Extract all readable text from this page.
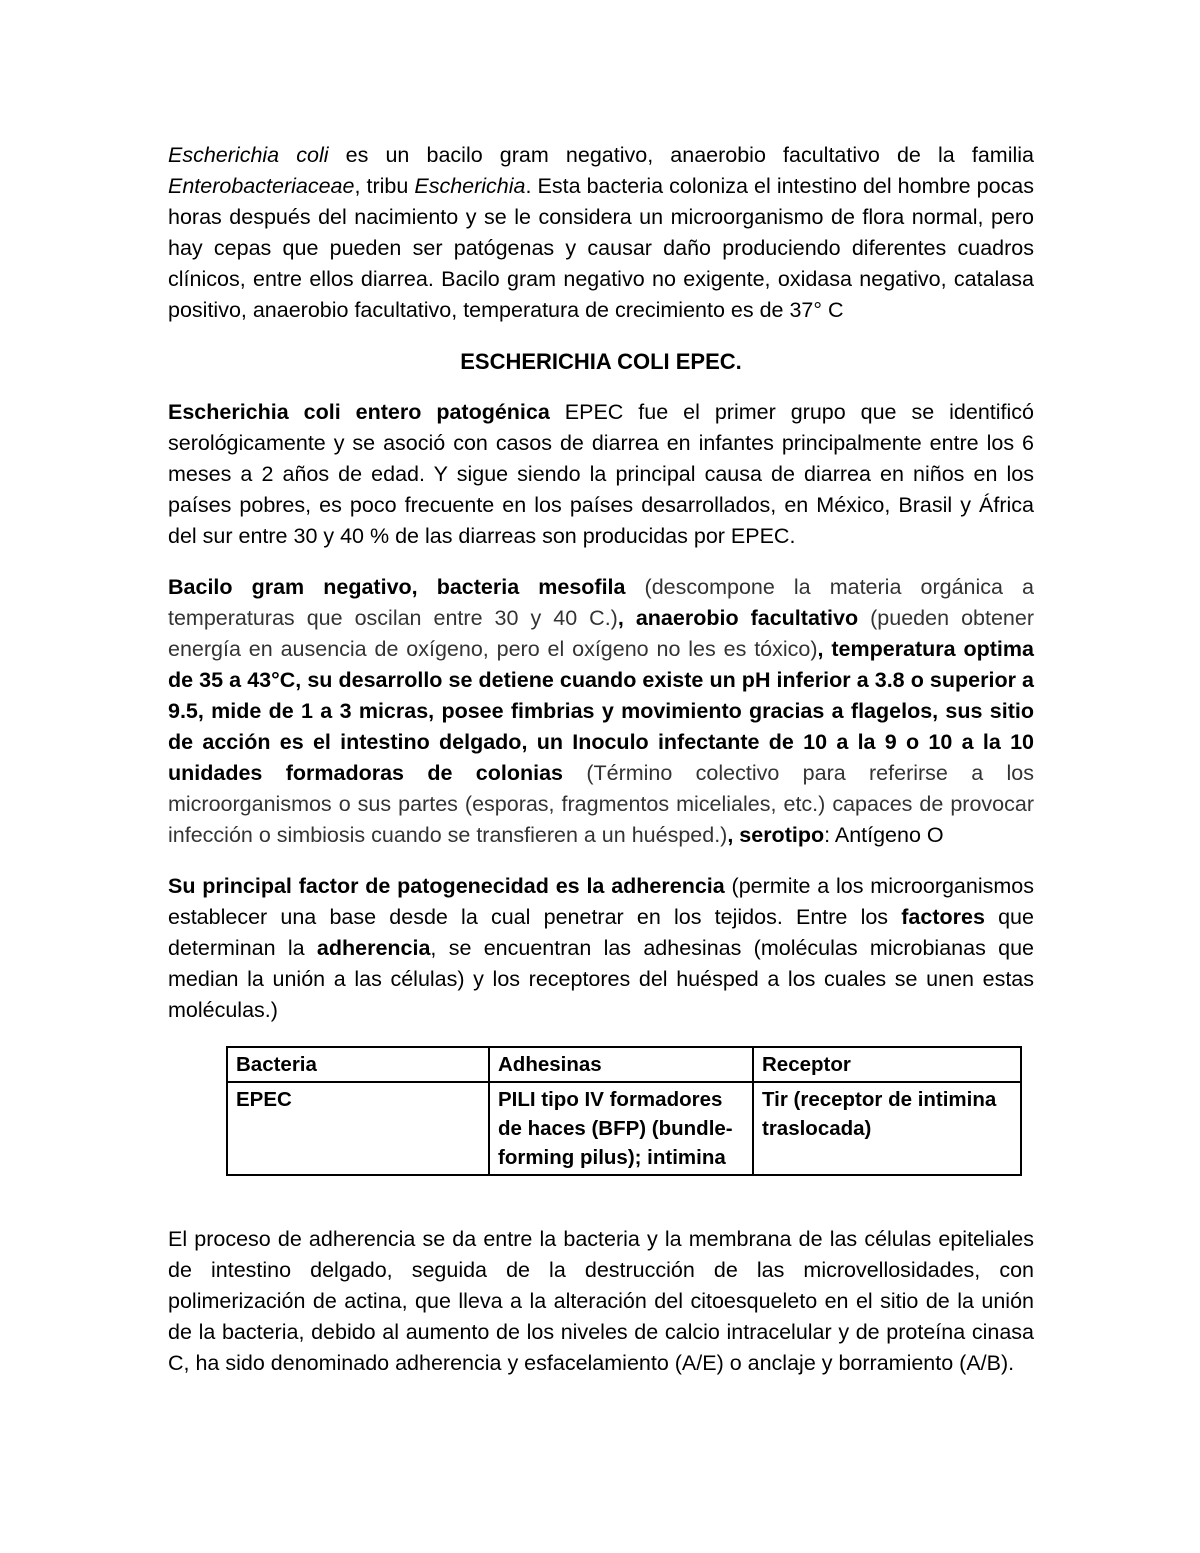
Escherichia coli es un bacilo gram negativo, anaerobio facultativo de la familia Enterobacteriaceae, tribu Escherichia. Esta bacteria coloniza el intestino del hombre pocas horas después del nacimiento y se le considera un microorganismo de flora normal, pero hay cepas que pueden ser patógenas y causar daño produciendo diferentes cuadros clínicos, entre ellos diarrea. Bacilo gram negativo no exigente, oxidasa negativo, catalasa positivo, anaerobio facultativo, temperatura de crecimiento es de 37° C

ESCHERICHIA COLI EPEC.

Escherichia coli entero patogénica EPEC fue el primer grupo que se identificó serológicamente y se asoció con casos de diarrea en infantes principalmente entre los 6 meses a 2 años de edad. Y sigue siendo la principal causa de diarrea en niños en los países pobres, es poco frecuente en los países desarrollados, en México, Brasil y África del sur entre 30 y 40 % de las diarreas son producidas por EPEC.

Bacilo gram negativo, bacteria mesofila (descompone la materia orgánica a temperaturas que oscilan entre 30 y 40 C.), anaerobio facultativo (pueden obtener energía en ausencia de oxígeno, pero el oxígeno no les es tóxico), temperatura optima de 35 a 43°C, su desarrollo se detiene cuando existe un pH inferior a 3.8 o superior a 9.5, mide de 1 a 3 micras, posee fimbrias y movimiento gracias a flagelos, sus sitio de acción es el intestino delgado, un Inoculo infectante de 10 a la 9 o 10 a la 10 unidades formadoras de colonias (Término colectivo para referirse a los microorganismos o sus partes (esporas, fragmentos miceliales, etc.) capaces de provocar infección o simbiosis cuando se transfieren a un huésped.), serotipo: Antígeno O

Su principal factor de patogenecidad es la adherencia (permite a los microorganismos establecer una base desde la cual penetrar en los tejidos. Entre los factores que determinan la adherencia, se encuentran las adhesinas (moléculas microbianas que median la unión a las células) y los receptores del huésped a los cuales se unen estas moléculas.)

Bacteria	Adhesinas	Receptor
EPEC	PILI tipo IV formadores de haces (BFP) (bundle-forming pilus); intimina	Tir (receptor de intimina traslocada)

El proceso de adherencia se da entre la bacteria y la membrana de las células epiteliales de intestino delgado, seguida de la destrucción de las microvellosidades, con polimerización de actina, que lleva a la alteración del citoesqueleto en el sitio de la unión de la bacteria, debido al aumento de los niveles de calcio intracelular y de proteína cinasa C, ha sido denominado adherencia y esfacelamiento (A/E) o anclaje y borramiento (A/B).
